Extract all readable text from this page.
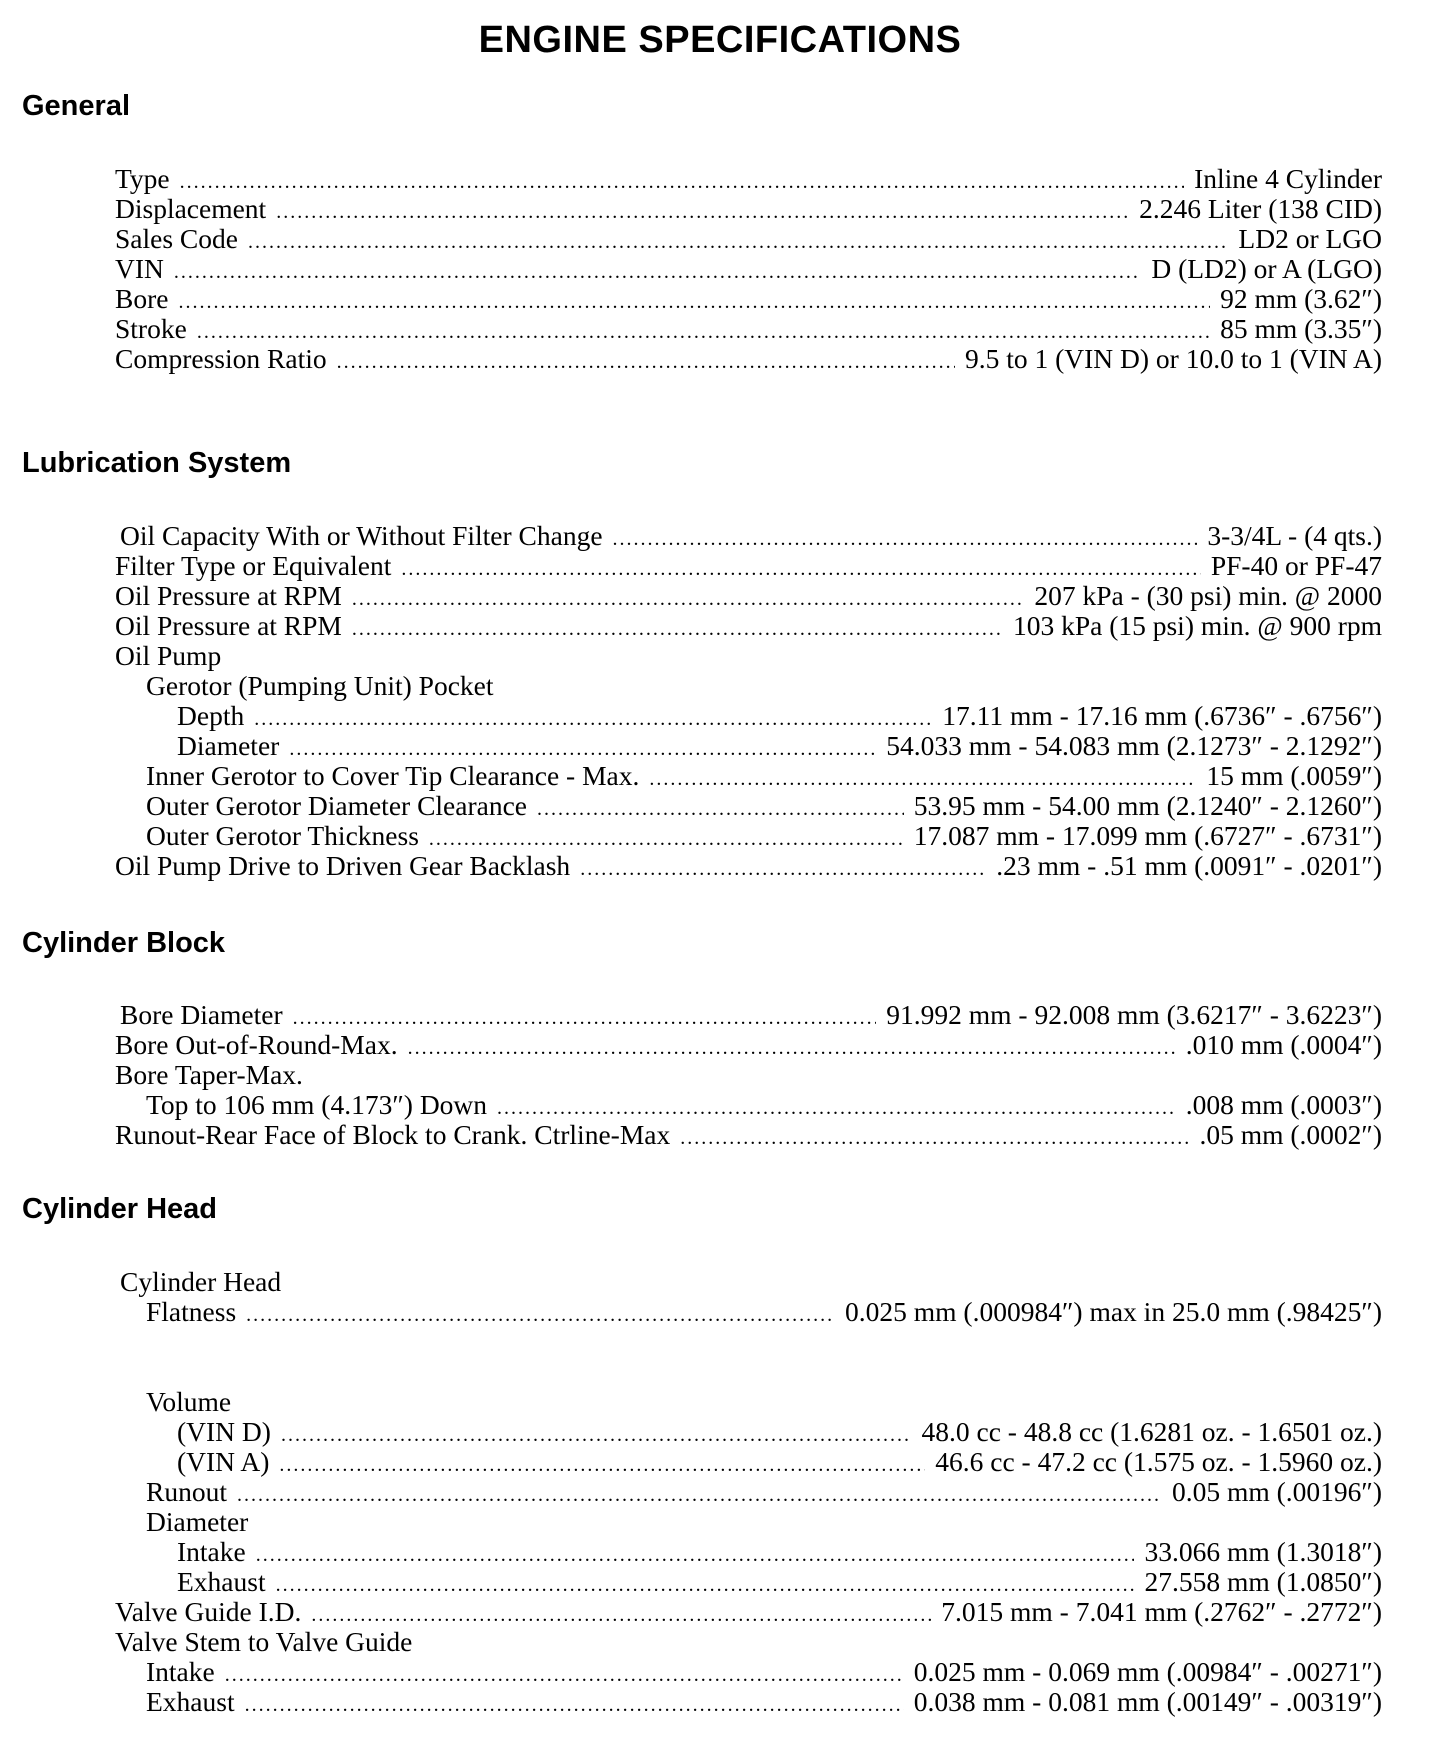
ENGINE SPECIFICATIONS
General
Type .....	Inline 4 Cylinder
Displacement .....	2.246 Liter (138 CID)
Sales Code .....	LD2 or LGO
VIN .....	D (LD2) or A (LGO)
Bore .....	92 mm (3.62″)
Stroke .....	85 mm (3.35″)
Compression Ratio .....	9.5 to 1 (VIN D) or 10.0 to 1 (VIN A)
Lubrication System
Oil Capacity With or Without Filter Change .....	3-3/4L - (4 qts.)
Filter Type or Equivalent .....	PF-40 or PF-47
Oil Pressure at RPM .....	207 kPa - (30 psi) min. @ 2000
Oil Pressure at RPM .....	103 kPa (15 psi) min. @ 900 rpm
Oil Pump
Gerotor (Pumping Unit) Pocket
Depth .....	17.11 mm - 17.16 mm (.6736″ - .6756″)
Diameter .....	54.033 mm - 54.083 mm (2.1273″ - 2.1292″)
Inner Gerotor to Cover Tip Clearance - Max. .....	15 mm (.0059″)
Outer Gerotor Diameter Clearance .....	53.95 mm - 54.00 mm (2.1240″ - 2.1260″)
Outer Gerotor Thickness .....	17.087 mm - 17.099 mm (.6727″ - .6731″)
Oil Pump Drive to Driven Gear Backlash .....	.23 mm - .51 mm (.0091″ - .0201″)
Cylinder Block
Bore Diameter .....	91.992 mm - 92.008 mm (3.6217″ - 3.6223″)
Bore Out-of-Round-Max. .....	.010 mm (.0004″)
Bore Taper-Max.
Top to 106 mm (4.173″) Down .....	.008 mm (.0003″)
Runout-Rear Face of Block to Crank. Ctrline-Max .....	.05 mm (.0002″)
Cylinder Head
Cylinder Head
Flatness .....	0.025 mm (.000984″) max in 25.0 mm (.98425″)
Volume
(VIN D) .....	48.0 cc - 48.8 cc (1.6281 oz. - 1.6501 oz.)
(VIN A) .....	46.6 cc - 47.2 cc (1.575 oz. - 1.5960 oz.)
Runout .....	0.05 mm (.00196″)
Diameter
Intake .....	33.066 mm (1.3018″)
Exhaust .....	27.558 mm (1.0850″)
Valve Guide I.D. .....	7.015 mm - 7.041 mm (.2762″ - .2772″)
Valve Stem to Valve Guide
Intake .....	0.025 mm - 0.069 mm (.00984″ - .00271″)
Exhaust .....	0.038 mm - 0.081 mm (.00149″ - .00319″)
